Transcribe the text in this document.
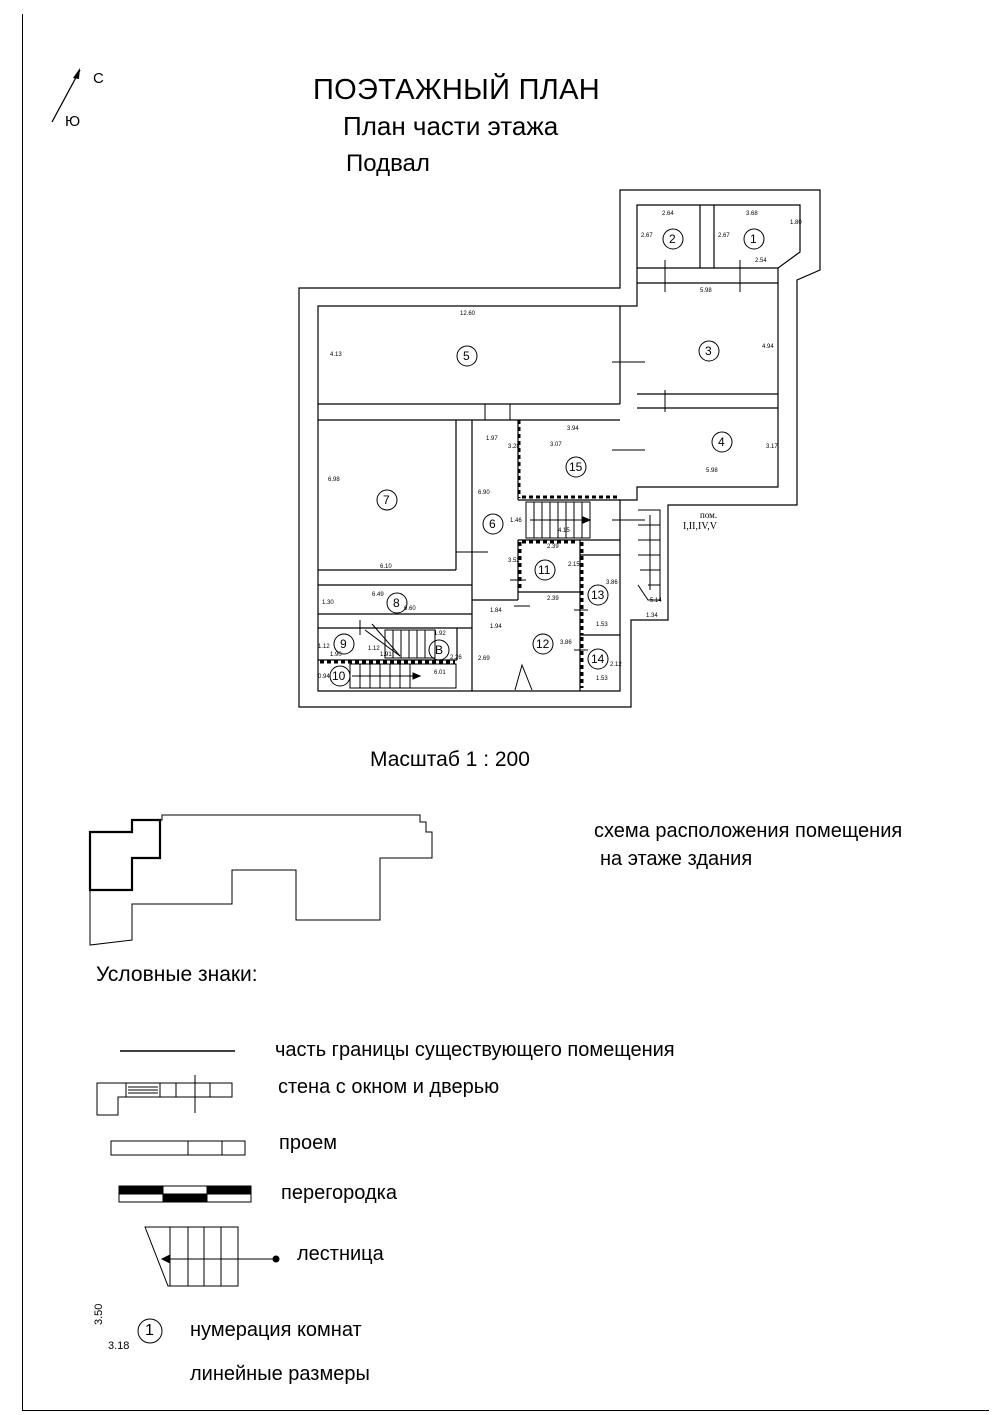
ПОЭТАЖНЫЙ ПЛАН
План части этажа
Подвал
С
Ю
1
2
3
4
5
6
7
8
9
10
11
12
13
14
15
В
2.64	3.68
1.80
2.67	2.67
2.54
5.98
4.94
12.60
4.13
1.97
3.28
3.94
3.07	3.17
5.98
6.98
6.90
1.46
4.15
6.10
2.39
3.52
2.15
3.86
5.14
1.34
6.49
6.60
1.30
1.84
2.39
1.53
1.94
3.86
1.92
2.26	2.69
1.12
1.91
1.12
1.90
0.94
6.01
2.12
1.53
пом.
I,II,IV,V
Масштаб 1 : 200
схема расположения помещения
на этаже здания
Условные знаки:
часть границы существующего помещения
стена с окном и дверью
проем
перегородка
лестница
нумерация комнат
линейные размеры
1
3.50
3.18
